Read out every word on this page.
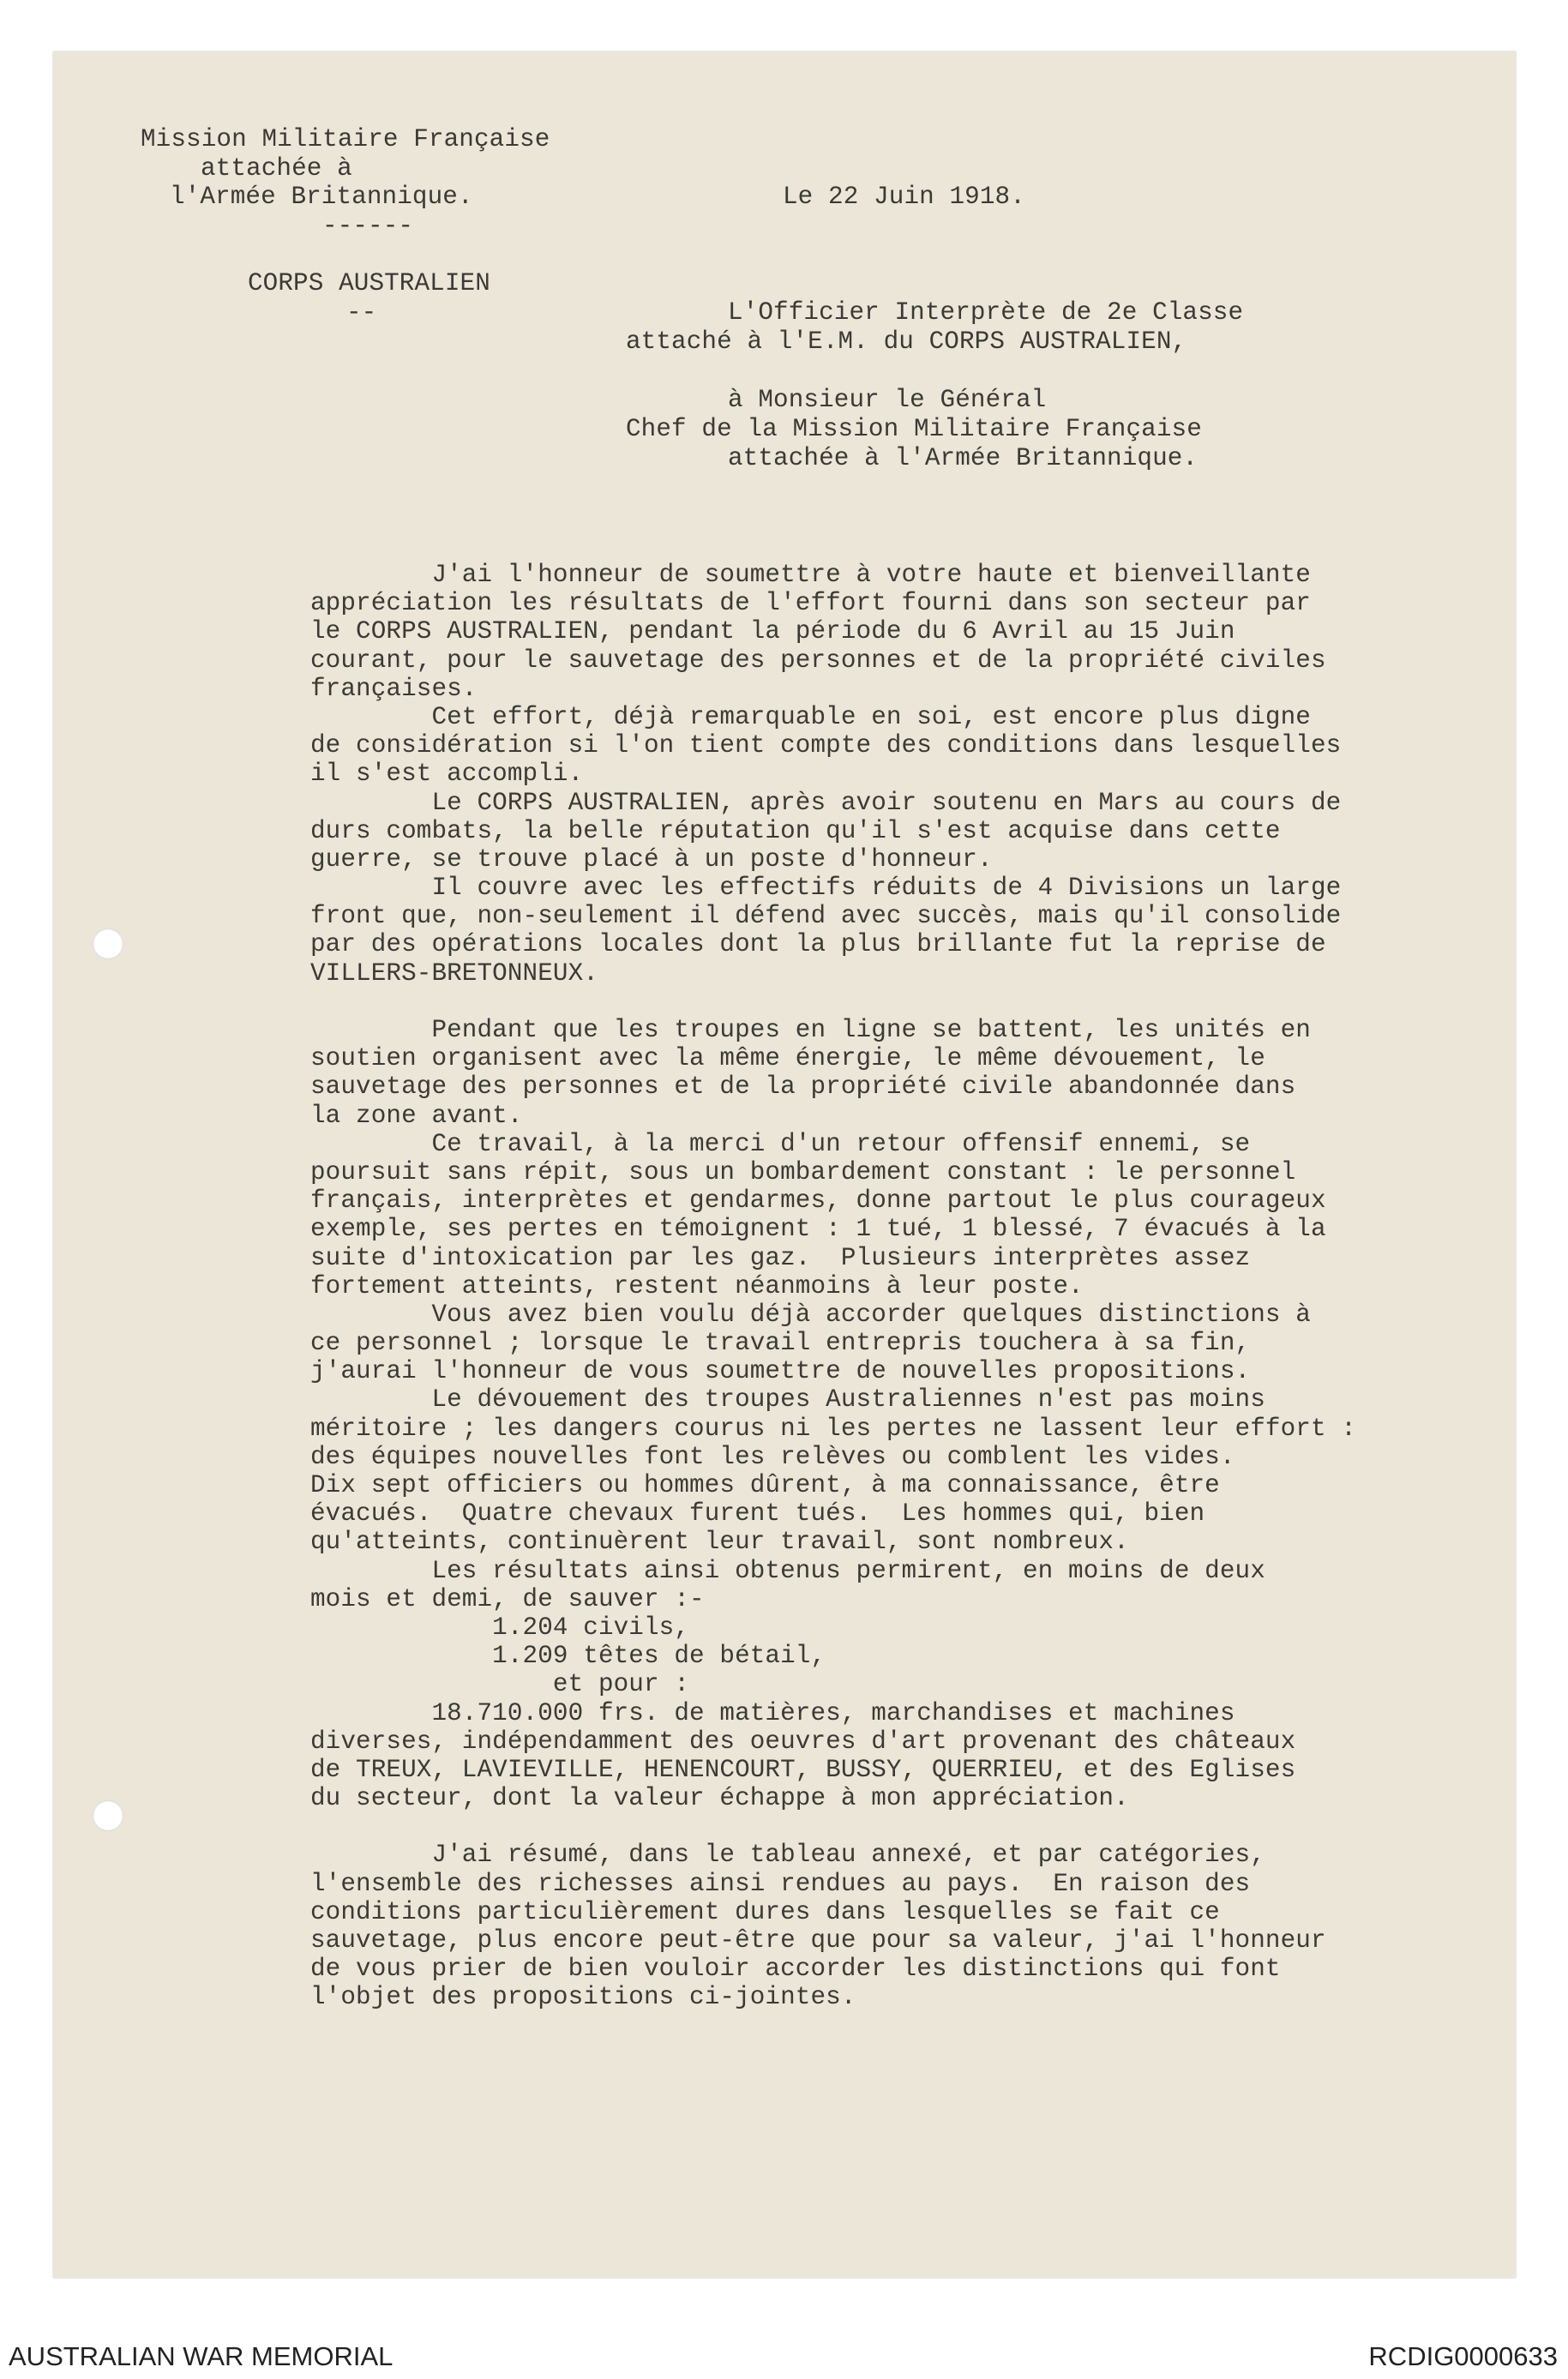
Mission Militaire Française

attachée à

l'Armée Britannique.

------

CORPS AUSTRALIEN

--

Le 22 Juin 1918.

L'Officier Interprète de 2e Classe

attaché à l'E.M. du CORPS AUSTRALIEN,

à Monsieur le Général

Chef de la Mission Militaire Française

attachée à l'Armée Britannique.

J'ai l'honneur de soumettre à votre haute et bienveillante
appréciation les résultats de l'effort fourni dans son secteur par
le CORPS AUSTRALIEN, pendant la période du 6 Avril au 15 Juin
courant, pour le sauvetage des personnes et de la propriété civiles
françaises.
Cet effort, déjà remarquable en soi, est encore plus digne
de considération si l'on tient compte des conditions dans lesquelles
il s'est accompli.
Le CORPS AUSTRALIEN, après avoir soutenu en Mars au cours de
durs combats, la belle réputation qu'il s'est acquise dans cette
guerre, se trouve placé à un poste d'honneur.
Il couvre avec les effectifs réduits de 4 Divisions un large
front que, non-seulement il défend avec succès, mais qu'il consolide
par des opérations locales dont la plus brillante fut la reprise de
VILLERS-BRETONNEUX.
Pendant que les troupes en ligne se battent, les unités en
soutien organisent avec la même énergie, le même dévouement, le
sauvetage des personnes et de la propriété civile abandonnée dans
la zone avant.
Ce travail, à la merci d'un retour offensif ennemi, se
poursuit sans répit, sous un bombardement constant : le personnel
français, interprètes et gendarmes, donne partout le plus courageux
exemple, ses pertes en témoignent : 1 tué, 1 blessé, 7 évacués à la
suite d'intoxication par les gaz.  Plusieurs interprètes assez
fortement atteints, restent néanmoins à leur poste.
Vous avez bien voulu déjà accorder quelques distinctions à
ce personnel ; lorsque le travail entrepris touchera à sa fin,
j'aurai l'honneur de vous soumettre de nouvelles propositions.
Le dévouement des troupes Australiennes n'est pas moins
méritoire ; les dangers courus ni les pertes ne lassent leur effort :
des équipes nouvelles font les relèves ou comblent les vides.
Dix sept officiers ou hommes dûrent, à ma connaissance, être
évacués.  Quatre chevaux furent tués.  Les hommes qui, bien
qu'atteints, continuèrent leur travail, sont nombreux.
Les résultats ainsi obtenus permirent, en moins de deux
mois et demi, de sauver :-
1.204 civils,
1.209 têtes de bétail,
et pour :
18.710.000 frs. de matières, marchandises et machines
diverses, indépendamment des oeuvres d'art provenant des châteaux
de TREUX, LAVIEVILLE, HENENCOURT, BUSSY, QUERRIEU, et des Eglises
du secteur, dont la valeur échappe à mon appréciation.
J'ai résumé, dans le tableau annexé, et par catégories,
l'ensemble des richesses ainsi rendues au pays.  En raison des
conditions particulièrement dures dans lesquelles se fait ce
sauvetage, plus encore peut-être que pour sa valeur, j'ai l'honneur
de vous prier de bien vouloir accorder les distinctions qui font
l'objet des propositions ci-jointes.

AUSTRALIAN WAR MEMORIAL	RCDIG0000633
